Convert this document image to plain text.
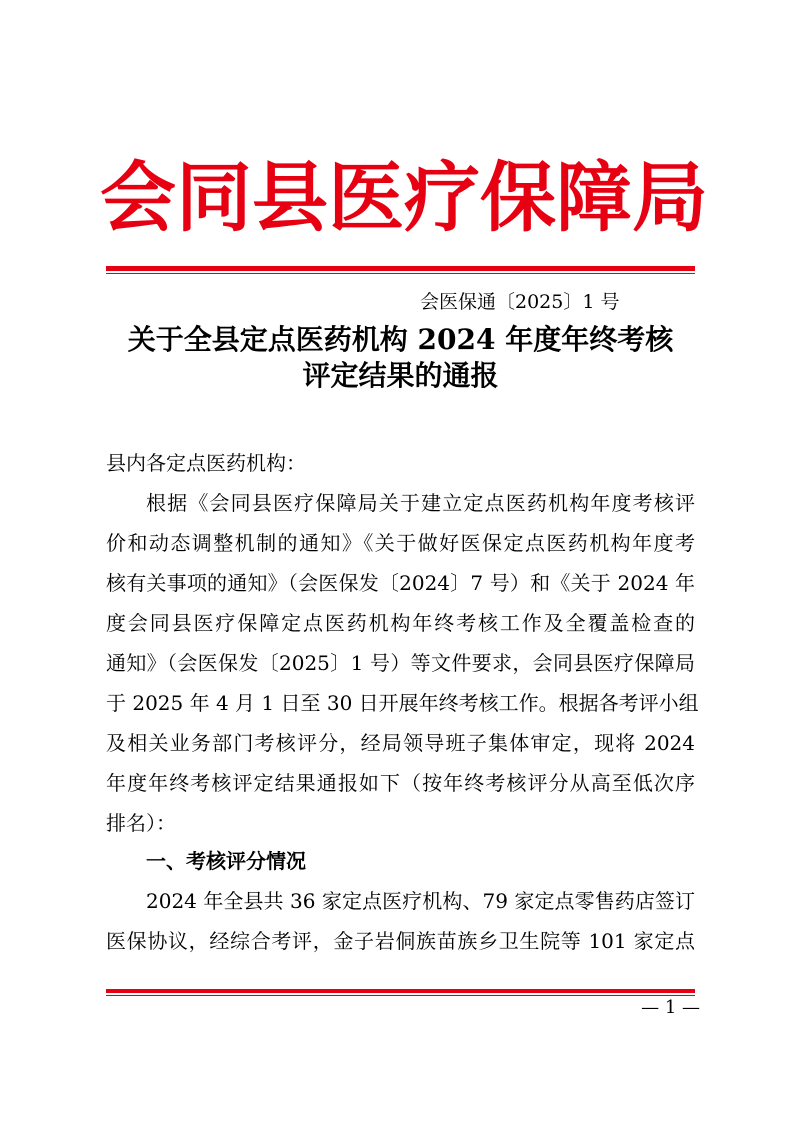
会同县医疗保障局
会医保通〔2025〕1 号
关于全县定点医药机构 2024 年度年终考核
评定结果的通报
县内各定点医药机构：
根据《会同县医疗保障局关于建立定点医药机构年度考核评
价和动态调整机制的通知》《关于做好医保定点医药机构年度考
核有关事项的通知》（会医保发〔2024〕7 号）和《关于 2024 年
度会同县医疗保障定点医药机构年终考核工作及全覆盖检查的
通知》（会医保发〔2025〕1 号）等文件要求，会同县医疗保障局
于 2025 年 4 月 1 日至 30 日开展年终考核工作。根据各考评小组
及相关业务部门考核评分，经局领导班子集体审定，现将 2024
年度年终考核评定结果通报如下（按年终考核评分从高至低次序
排名）：
一、考核评分情况
2024 年全县共 36 家定点医疗机构、79 家定点零售药店签订
医保协议，经综合考评，金子岩侗族苗族乡卫生院等 101 家定点
— 1 —
